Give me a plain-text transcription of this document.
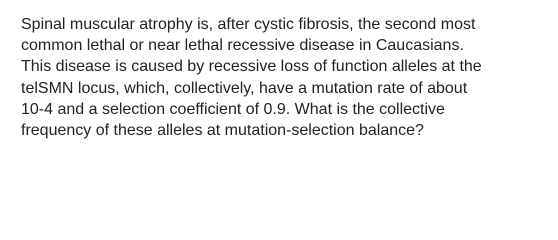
Spinal muscular atrophy is, after cystic fibrosis, the second most
common lethal or near lethal recessive disease in Caucasians.
This disease is caused by recessive loss of function alleles at the
telSMN locus, which, collectively, have a mutation rate of about
10-4 and a selection coefficient of 0.9. What is the collective
frequency of these alleles at mutation-selection balance?
